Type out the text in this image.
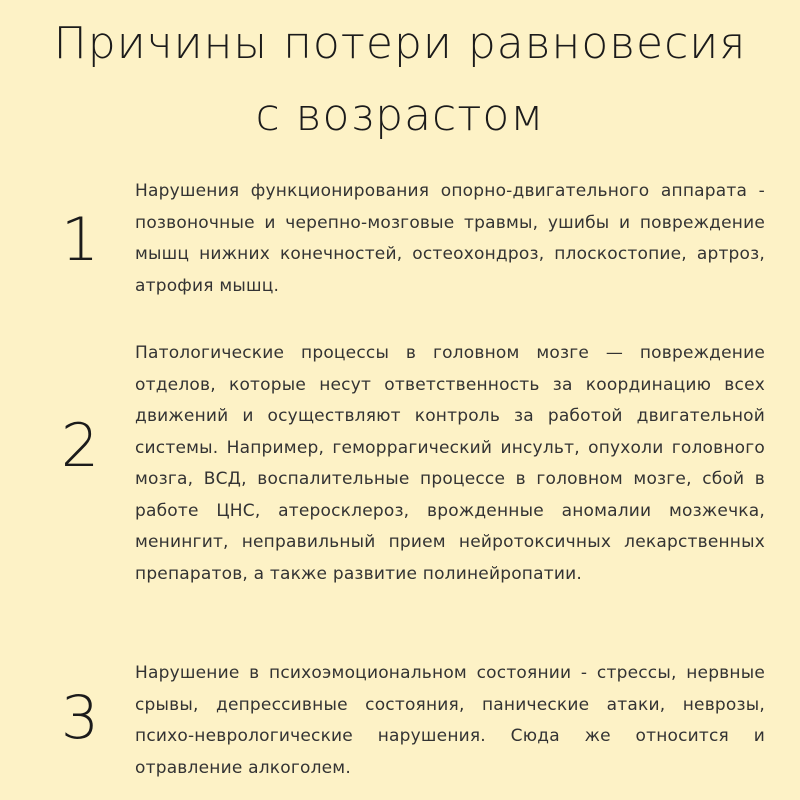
Причины потери равновесия
с возрастом
1

Нарушения функционирования опорно-двигательного аппарата - позвоночные и черепно-мозговые травмы, ушибы и повреждение мышц нижних конечностей, остеохондроз, плоскостопие, артроз, атрофия мышц.

2

Патологические процессы в головном мозге — повреждение отделов, которые несут ответственность за координацию всех движений и осуществляют контроль за работой двигательной системы. Например, геморрагический инсульт, опухоли головного мозга, ВСД, воспалительные процессе в головном мозге, сбой в работе ЦНС, атеросклероз, врожденные аномалии мозжечка, менингит, неправильный прием нейротоксичных лекарственных препаратов, а также развитие полинейропатии.

3

Нарушение в психоэмоциональном состоянии - стрессы, нервные срывы, депрессивные состояния, панические атаки, неврозы, психо-неврологические нарушения. Сюда же относится и отравление алкоголем.
